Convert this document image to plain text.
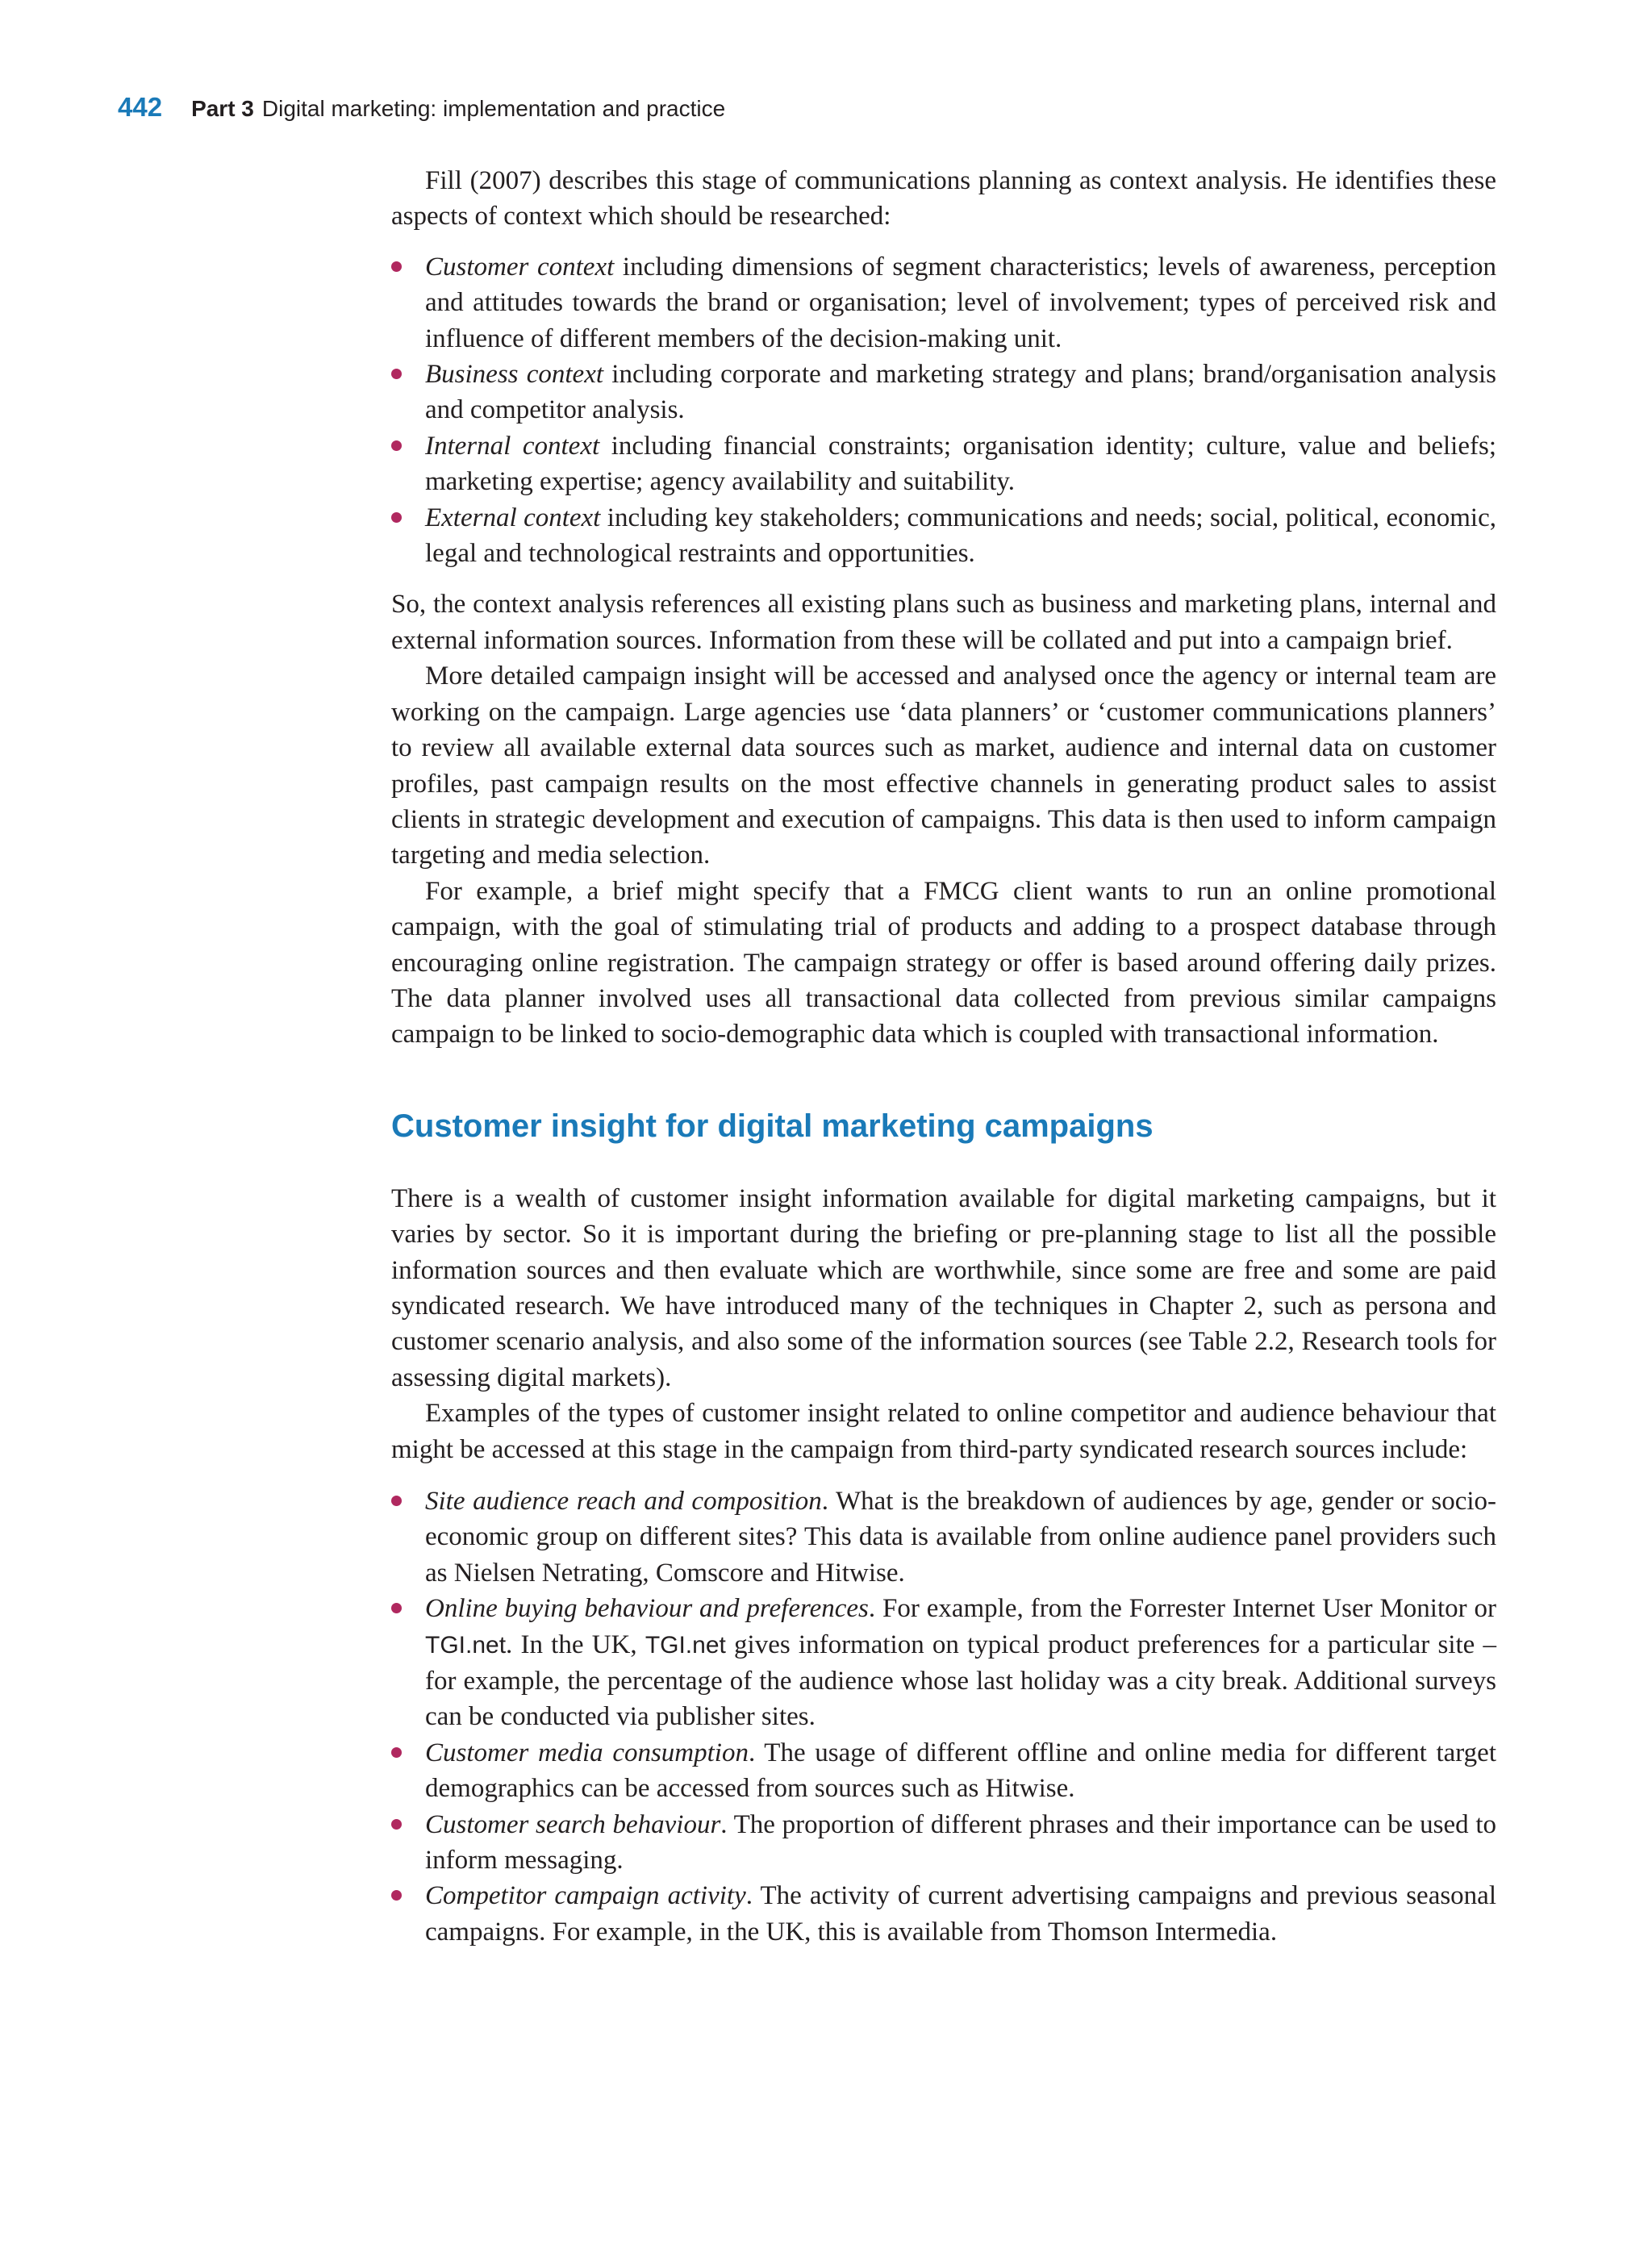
442 Part 3 Digital marketing: implementation and practice

Fill (2007) describes this stage of communications planning as context analysis. He identifies these aspects of context which should be researched:

Customer context including dimensions of segment characteristics; levels of awareness, perception and attitudes towards the brand or organisation; level of involvement; types of perceived risk and influence of different members of the decision-making unit.
Business context including corporate and marketing strategy and plans; brand/organisation analysis and competitor analysis.
Internal context including financial constraints; organisation identity; culture, value and beliefs; marketing expertise; agency availability and suitability.
External context including key stakeholders; communications and needs; social, political, economic, legal and technological restraints and opportunities.

So, the context analysis references all existing plans such as business and marketing plans, internal and external information sources. Information from these will be collated and put into a campaign brief.

More detailed campaign insight will be accessed and analysed once the agency or internal team are working on the campaign. Large agencies use ‘data planners’ or ‘customer communications planners’ to review all available external data sources such as market, audience and internal data on customer profiles, past campaign results on the most effective channels in generating product sales to assist clients in strategic development and execution of campaigns. This data is then used to inform campaign targeting and media selection.

For example, a brief might specify that a FMCG client wants to run an online promotional campaign, with the goal of stimulating trial of products and adding to a prospect database through encouraging online registration. The campaign strategy or offer is based around offering daily prizes. The data planner involved uses all transactional data collected from previous similar campaigns campaign to be linked to socio-demographic data which is coupled with transactional information.

Customer insight for digital marketing campaigns

There is a wealth of customer insight information available for digital marketing campaigns, but it varies by sector. So it is important during the briefing or pre-planning stage to list all the possible information sources and then evaluate which are worthwhile, since some are free and some are paid syndicated research. We have introduced many of the techniques in Chapter 2, such as persona and customer scenario analysis, and also some of the information sources (see Table 2.2, Research tools for assessing digital markets).

Examples of the types of customer insight related to online competitor and audience behaviour that might be accessed at this stage in the campaign from third-party syndicated research sources include:

Site audience reach and composition. What is the breakdown of audiences by age, gender or socio-economic group on different sites? This data is available from online audience panel providers such as Nielsen Netrating, Comscore and Hitwise.
Online buying behaviour and preferences. For example, from the Forrester Internet User Monitor or TGI.net. In the UK, TGI.net gives information on typical product preferences for a particular site – for example, the percentage of the audience whose last holiday was a city break. Additional surveys can be conducted via publisher sites.
Customer media consumption. The usage of different offline and online media for different target demographics can be accessed from sources such as Hitwise.
Customer search behaviour. The proportion of different phrases and their importance can be used to inform messaging.
Competitor campaign activity. The activity of current advertising campaigns and previous seasonal campaigns. For example, in the UK, this is available from Thomson Intermedia.
